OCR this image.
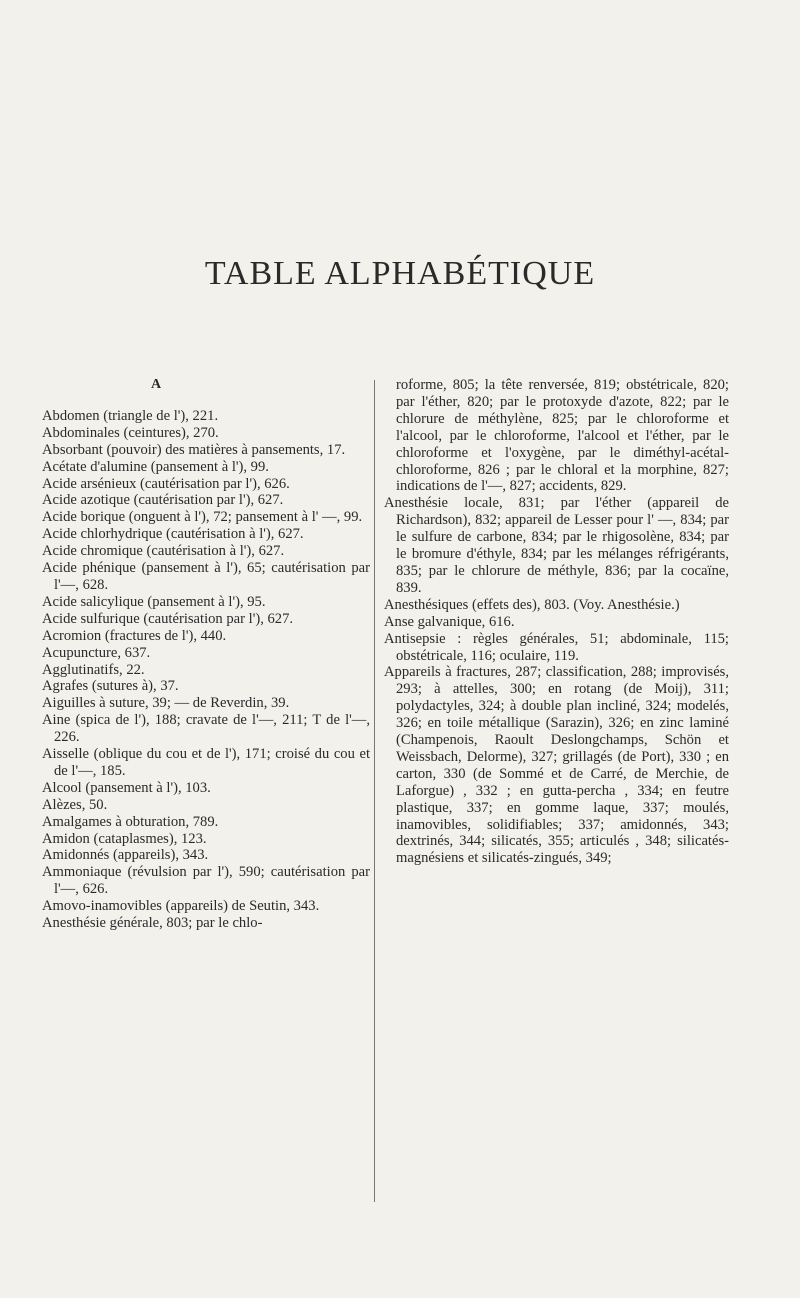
TABLE ALPHABÉTIQUE
A

Abdomen (triangle de l'), 221.

Abdominales (ceintures), 270.

Absorbant (pouvoir) des matières à pansements, 17.

Acétate d'alumine (pansement à l'), 99.

Acide arsénieux (cautérisation par l'), 626.

Acide azotique (cautérisation par l'), 627.

Acide borique (onguent à l'), 72; pansement à l' —, 99.

Acide chlorhydrique (cautérisation à l'), 627.

Acide chromique (cautérisation à l'), 627.

Acide phénique (pansement à l'), 65; cautérisation par l'—, 628.

Acide salicylique (pansement à l'), 95.

Acide sulfurique (cautérisation par l'), 627.

Acromion (fractures de l'), 440.

Acupuncture, 637.

Agglutinatifs, 22.

Agrafes (sutures à), 37.

Aiguilles à suture, 39; — de Reverdin, 39.

Aine (spica de l'), 188; cravate de l'—, 211; T de l'—, 226.

Aisselle (oblique du cou et de l'), 171; croisé du cou et de l'—, 185.

Alcool (pansement à l'), 103.

Alèzes, 50.

Amalgames à obturation, 789.

Amidon (cataplasmes), 123.

Amidonnés (appareils), 343.

Ammoniaque (révulsion par l'), 590; cautérisation par l'—, 626.

Amovo-inamovibles (appareils) de Seutin, 343.

Anesthésie générale, 803; par le chlo-

roforme, 805; la tête renversée, 819; obstétricale, 820; par l'éther, 820; par le protoxyde d'azote, 822; par le chlorure de méthylène, 825; par le chloroforme et l'alcool, par le chloroforme, l'alcool et l'éther, par le chloroforme et l'oxygène, par le diméthyl-acétal-chloroforme, 826 ; par le chloral et la morphine, 827; indications de l'—, 827; accidents, 829.

Anesthésie locale, 831; par l'éther (appareil de Richardson), 832; appareil de Lesser pour l' —, 834; par le sulfure de carbone, 834; par le rhigosolène, 834; par le bromure d'éthyle, 834; par les mélanges réfrigérants, 835; par le chlorure de méthyle, 836; par la cocaïne, 839.

Anesthésiques (effets des), 803. (Voy. Anesthésie.)

Anse galvanique, 616.

Antisepsie : règles générales, 51; abdominale, 115; obstétricale, 116; oculaire, 119.

Appareils à fractures, 287; classification, 288; improvisés, 293; à attelles, 300; en rotang (de Moij), 311; polydactyles, 324; à double plan incliné, 324; modelés, 326; en toile métallique (Sarazin), 326; en zinc laminé (Champenois, Raoult Deslongchamps, Schön et Weissbach, Delorme), 327; grillagés (de Port), 330 ; en carton, 330 (de Sommé et de Carré, de Merchie, de Laforgue) , 332 ; en gutta-percha , 334; en feutre plastique, 337; en gomme laque, 337; moulés, inamovibles, solidifiables; 337; amidonnés, 343; dextrinés, 344; silicatés, 355; articulés , 348; silicatés-magnésiens et silicatés-zingués, 349;
